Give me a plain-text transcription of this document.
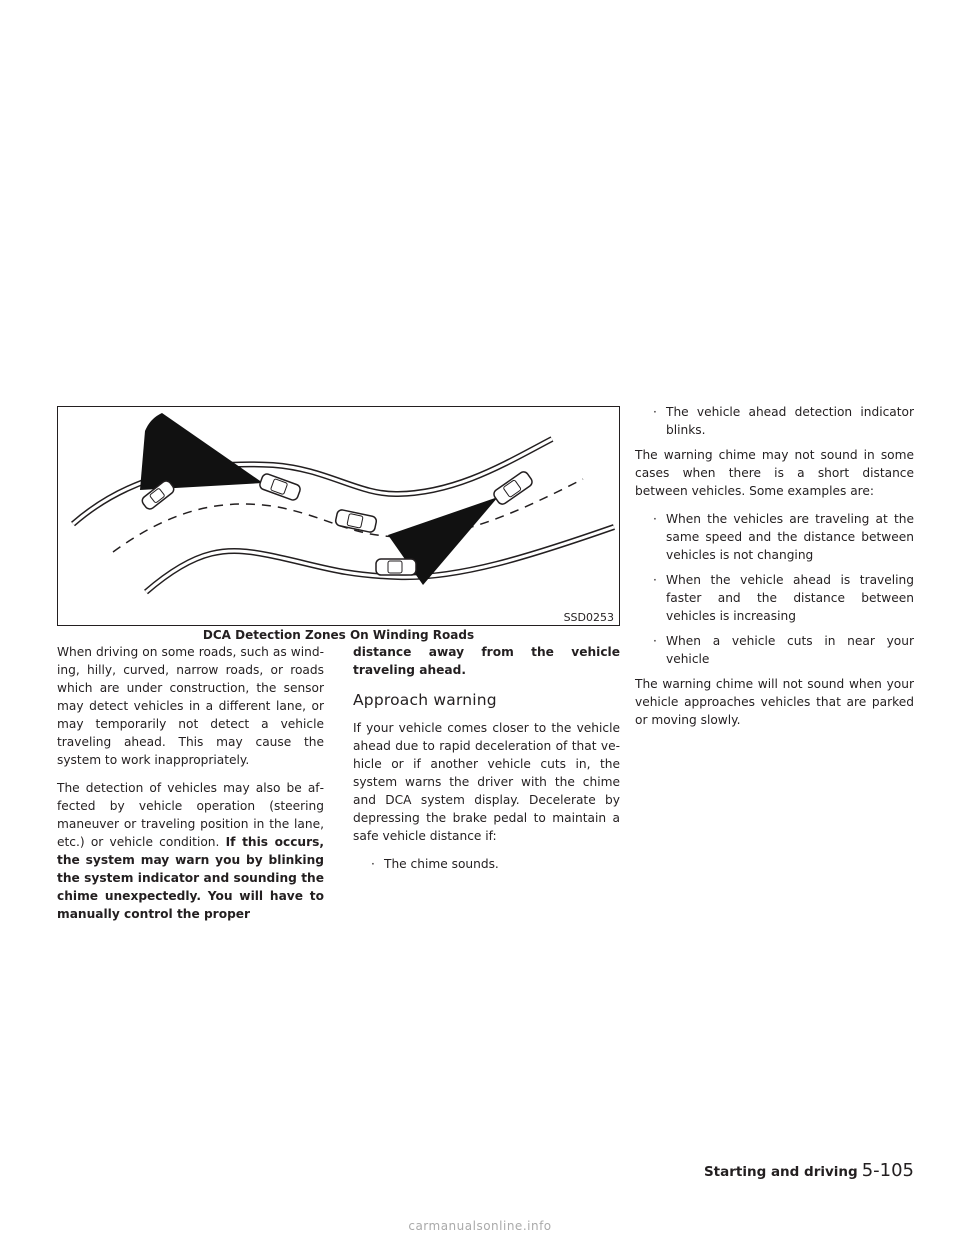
SSD0253
DCA Detection Zones On Winding Roads

When driving on some roads, such as winding, hilly, curved, narrow roads, or roads which are under construction, the sensor may detect vehicles in a different lane, or may temporarily not detect a vehicle traveling ahead. This may cause the system to work inappropriately.

The detection of vehicles may also be affected by vehicle operation (steering maneuver or traveling position in the lane, etc.) or vehicle condition. If this occurs, the system may warn you by blinking the system indicator and sounding the chime unexpectedly. You will have to manually control the proper

distance away from the vehicle traveling ahead.

Approach warning

If your vehicle comes closer to the vehicle ahead due to rapid deceleration of that vehicle or if another vehicle cuts in, the system warns the driver with the chime and DCA system display. Decelerate by depressing the brake pedal to maintain a safe vehicle distance if:

· The chime sounds.
· The vehicle ahead detection indicator blinks.

The warning chime may not sound in some cases when there is a short distance between vehicles. Some examples are:

· When the vehicles are traveling at the same speed and the distance between vehicles is not changing
· When the vehicle ahead is traveling faster and the distance between vehicles is increasing
· When a vehicle cuts in near your vehicle

The warning chime will not sound when your vehicle approaches vehicles that are parked or moving slowly.

Starting and driving 5-105
carmanualsonline.info
